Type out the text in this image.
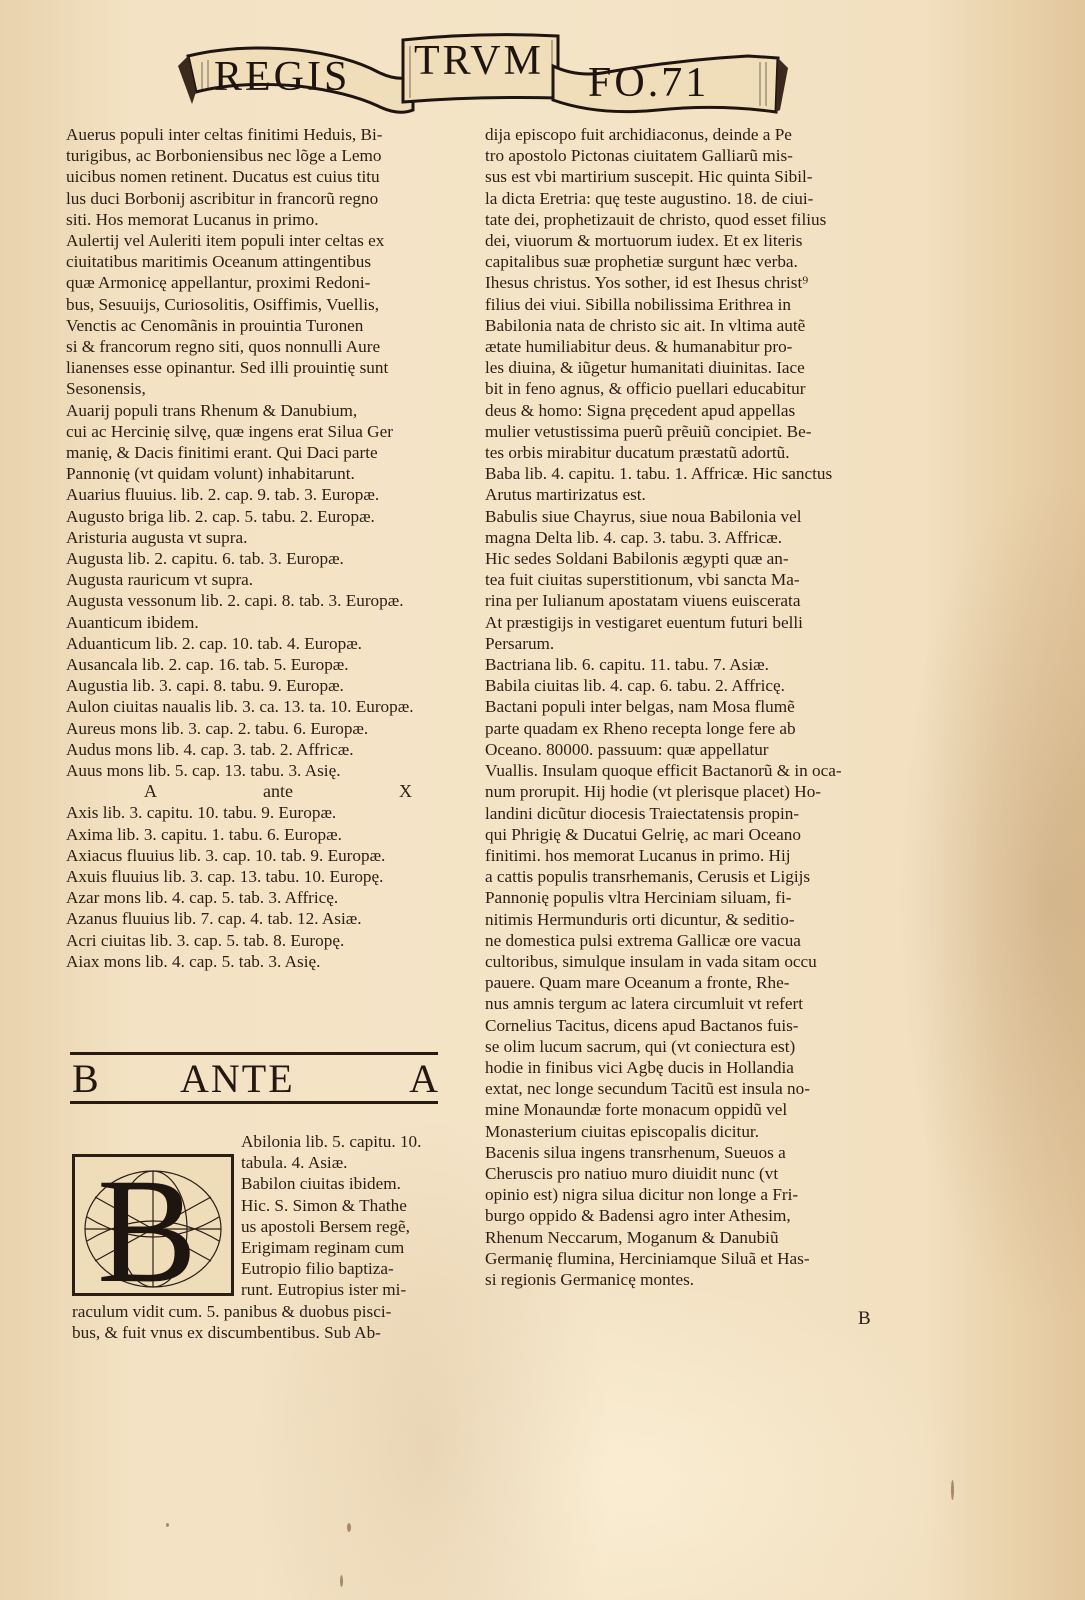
REGIS TRVM FO.71

Auerus populi inter celtas finitimi Heduis, Bi-

turigibus, ac Borboniensibus nec lõge a Lemo

uicibus nomen retinent. Ducatus est cuius titu

lus duci Borbonij ascribitur in francorũ regno

siti. Hos memorat Lucanus in primo.

Aulertij vel Auleriti item populi inter celtas ex

ciuitatibus maritimis Oceanum attingentibus

quæ Armonicę appellantur, proximi Redoni-

bus, Sesuuijs, Curiosolitis, Osiffimis, Vuellis,

Venctis ac Cenomãnis in prouintia Turonen

si & francorum regno siti, quos nonnulli Aure

lianenses esse opinantur. Sed illi prouintię sunt

Sesonensis,

Auarij populi trans Rhenum & Danubium,

cui ac Hercinię silvę, quæ ingens erat Silua Ger

manię, & Dacis finitimi erant. Qui Daci parte

Pannonię (vt quidam volunt) inhabitarunt.

Auarius fluuius. lib. 2. cap. 9. tab. 3. Europæ.

Augusto briga lib. 2. cap. 5. tabu. 2. Europæ.

Aristuria augusta vt supra.

Augusta lib. 2. capitu. 6. tab. 3. Europæ.

Augusta rauricum vt supra.

Augusta vessonum lib. 2. capi. 8. tab. 3. Europæ.

Auanticum ibidem.

Aduanticum lib. 2. cap. 10. tab. 4. Europæ.

Ausancala lib. 2. cap. 16. tab. 5. Europæ.

Augustia lib. 3. capi. 8. tabu. 9. Europæ.

Aulon ciuitas naualis lib. 3. ca. 13. ta. 10. Europæ.

Aureus mons lib. 3. cap. 2. tabu. 6. Europæ.

Audus mons lib. 4. cap. 3. tab. 2. Affricæ.

Auus mons lib. 5. cap. 13. tabu. 3. Asię.

A	ante	X

Axis lib. 3. capitu. 10. tabu. 9. Europæ.

Axima lib. 3. capitu. 1. tabu. 6. Europæ.

Axiacus fluuius lib. 3. cap. 10. tab. 9. Europæ.

Axuis fluuius lib. 3. cap. 13. tabu. 10. Europę.

Azar mons lib. 4. cap. 5. tab. 3. Affricę.

Azanus fluuius lib. 7. cap. 4. tab. 12. Asiæ.

Acri ciuitas lib. 3. cap. 5. tab. 8. Europę.

Aiax mons lib. 4. cap. 5. tab. 3. Asię.

B ANTE	A
B

Abilonia lib. 5. capitu. 10.

tabula. 4. Asiæ.

Babilon ciuitas ibidem.

Hic. S. Simon & Thathe

us apostoli Bersem regẽ,

Erigimam reginam cum

Eutropio filio baptiza-

runt. Eutropius ister mi-

raculum vidit cum. 5. panibus & duobus pisci-

bus, & fuit vnus ex discumbentibus. Sub Ab-

dija episcopo fuit archidiaconus, deinde a Pe

tro apostolo Pictonas ciuitatem Galliarũ mis-

sus est vbi martirium suscepit. Hic quinta Sibil-

la dicta Eretria: quę teste augustino. 18. de ciui-

tate dei, prophetizauit de christo, quod esset filius

dei, viuorum & mortuorum iudex. Et ex literis

capitalibus suæ prophetiæ surgunt hæc verba.

Ihesus christus. Yos sother, id est Ihesus christ⁹

filius dei viui. Sibilla nobilissima Erithrea in

Babilonia nata de christo sic ait. In vltima autẽ

ætate humiliabitur deus. & humanabitur pro-

les diuina, & iũgetur humanitati diuinitas. Iace

bit in feno agnus, & officio puellari educabitur

deus & homo: Signa pręcedent apud appellas

mulier vetustissima puerũ prẽuiũ concipiet. Be-

tes orbis mirabitur ducatum præstatũ adortũ.

Baba lib. 4. capitu. 1. tabu. 1. Affricæ. Hic sanctus

Arutus martirizatus est.

Babulis siue Chayrus, siue noua Babilonia vel

magna Delta lib. 4. cap. 3. tabu. 3. Affricæ.

Hic sedes Soldani Babilonis ægypti quæ an-

tea fuit ciuitas superstitionum, vbi sancta Ma-

rina per Iulianum apostatam viuens euiscerata

At præstigijs in vestigaret euentum futuri belli

Persarum.

Bactriana lib. 6. capitu. 11. tabu. 7. Asiæ.

Babila ciuitas lib. 4. cap. 6. tabu. 2. Affricę.

Bactani populi inter belgas, nam Mosa flumẽ

parte quadam ex Rheno recepta longe fere ab

Oceano. 80000. passuum: quæ appellatur

Vuallis. Insulam quoque efficit Bactanorũ & in oca-

num prorupit. Hij hodie (vt plerisque placet) Ho-

landini dicũtur diocesis Traiectatensis propin-

qui Phrigię & Ducatui Gelrię, ac mari Oceano

finitimi. hos memorat Lucanus in primo. Hij

a cattis populis transrhemanis, Cerusis et Ligijs

Pannonię populis vltra Herciniam siluam, fi-

nitimis Hermunduris orti dicuntur, & seditio-

ne domestica pulsi extrema Gallicæ ore vacua

cultoribus, simulque insulam in vada sitam occu

pauere. Quam mare Oceanum a fronte, Rhe-

nus amnis tergum ac latera circumluit vt refert

Cornelius Tacitus, dicens apud Bactanos fuis-

se olim lucum sacrum, qui (vt coniectura est)

hodie in finibus vici Agbę ducis in Hollandia

extat, nec longe secundum Tacitũ est insula no-

mine Monaundæ forte monacum oppidũ vel

Monasterium ciuitas episcopalis dicitur.

Bacenis silua ingens transrhenum, Sueuos a

Cheruscis pro natiuo muro diuidit nunc (vt

opinio est) nigra silua dicitur non longe a Fri-

burgo oppido & Badensi agro inter Athesim,

Rhenum Neccarum, Moganum & Danubiũ

Germanię flumina, Herciniamque Siluã et Has-

si regionis Germanicę montes.

B
